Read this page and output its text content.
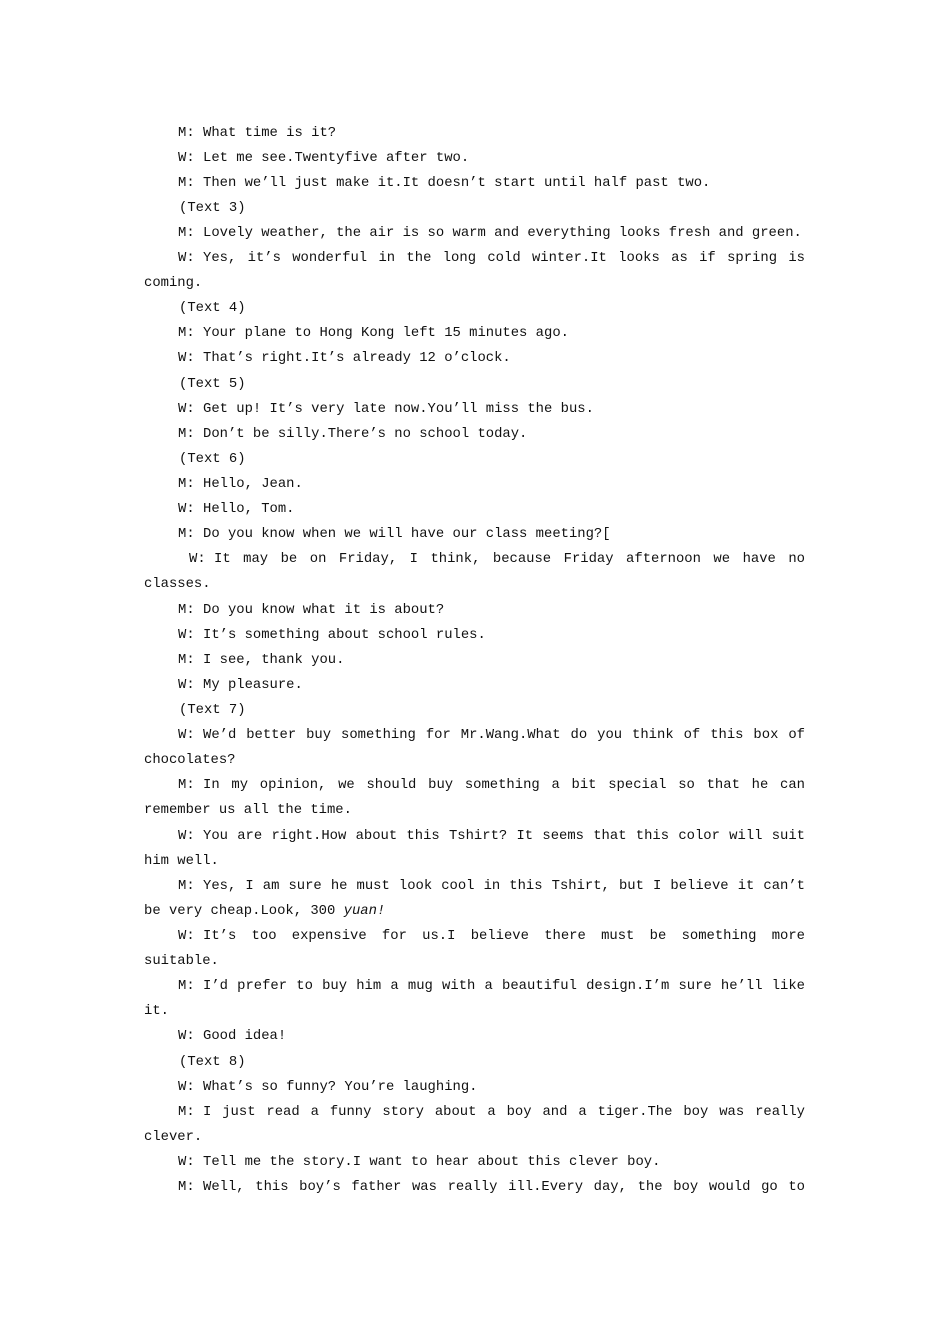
M: What time is it?
W: Let me see.Twentyfive after two.
M: Then we’ll just make it.It doesn’t start until half past two.
(Text 3)
M: Lovely weather, the air is so warm and everything looks fresh and green.
W: Yes, it’s wonderful in the long cold winter.It looks as if spring is
coming.
(Text 4)
M: Your plane to Hong Kong left 15 minutes ago.
W: That’s right.It’s already 12 o’clock.
(Text 5)
W: Get up! It’s very late now.You’ll miss the bus.
M: Don’t be silly.There’s no school today.
(Text 6)
M: Hello, Jean.
W: Hello, Tom.
M: Do you know when we will have our class meeting?[
W: It may be on Friday, I think, because Friday afternoon we have no
classes.
M: Do you know what it is about?
W: It’s something about school rules.
M: I see, thank you.
W: My pleasure.
(Text 7)
W: We’d better buy something for Mr.Wang.What do you think of this box of
chocolates?
M: In my opinion, we should buy something a bit special so that he can
remember us all the time.
W: You are right.How about this Tshirt? It seems that this color will suit
him well.
M: Yes, I am sure he must look cool in this Tshirt, but I believe it can’t
be very cheap.Look, 300 yuan!
W: It’s too expensive for us.I believe there must be something more
suitable.
M: I’d prefer to buy him a mug with a beautiful design.I’m sure he’ll like
it.
W: Good idea!
(Text 8)
W: What’s so funny? You’re laughing.
M: I just read a funny story about a boy and a tiger.The boy was really
clever.
W: Tell me the story.I want to hear about this clever boy.
M: Well, this boy’s father was really ill.Every day, the boy would go to
